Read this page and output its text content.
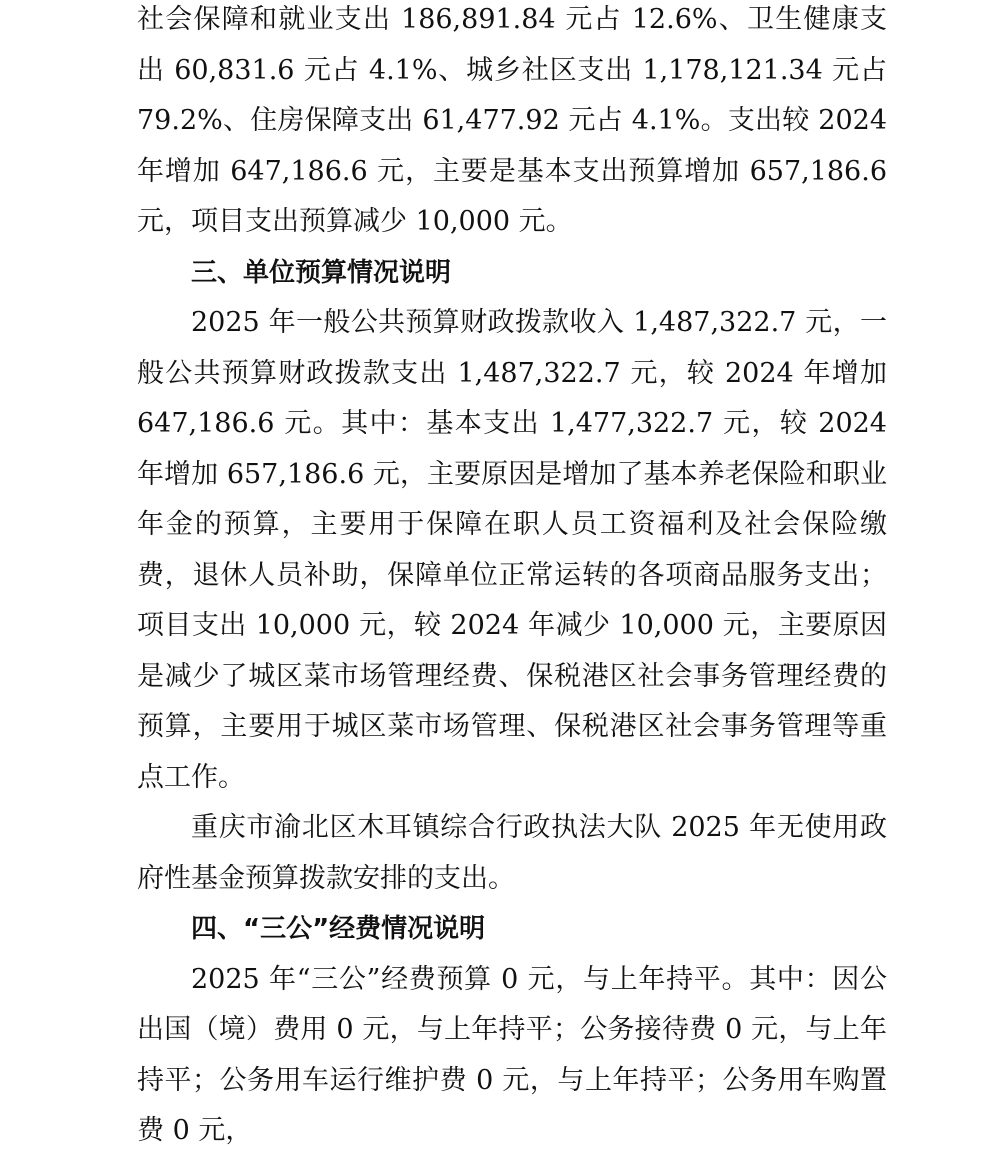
社会保障和就业支出 186,891.84 元占 12.6%、卫生健康支出 60,831.6 元占 4.1%、城乡社区支出 1,178,121.34 元占 79.2%、住房保障支出 61,477.92 元占 4.1%。支出较 2024 年增加 647,186.6 元，主要是基本支出预算增加 657,186.6 元，项目支出预算减少 10,000 元。

三、单位预算情况说明

2025 年一般公共预算财政拨款收入 1,487,322.7 元，一般公共预算财政拨款支出 1,487,322.7 元，较 2024 年增加 647,186.6 元。其中：基本支出 1,477,322.7 元，较 2024 年增加 657,186.6 元，主要原因是增加了基本养老保险和职业年金的预算，主要用于保障在职人员工资福利及社会保险缴费，退休人员补助，保障单位正常运转的各项商品服务支出；项目支出 10,000 元，较 2024 年减少 10,000 元，主要原因是减少了城区菜市场管理经费、保税港区社会事务管理经费的预算，主要用于城区菜市场管理、保税港区社会事务管理等重点工作。

重庆市渝北区木耳镇综合行政执法大队 2025 年无使用政府性基金预算拨款安排的支出。

四、“三公”经费情况说明

2025 年“三公”经费预算 0 元，与上年持平。其中：因公出国（境）费用 0 元，与上年持平；公务接待费 0 元，与上年持平；公务用车运行维护费 0 元，与上年持平；公务用车购置费 0 元，
